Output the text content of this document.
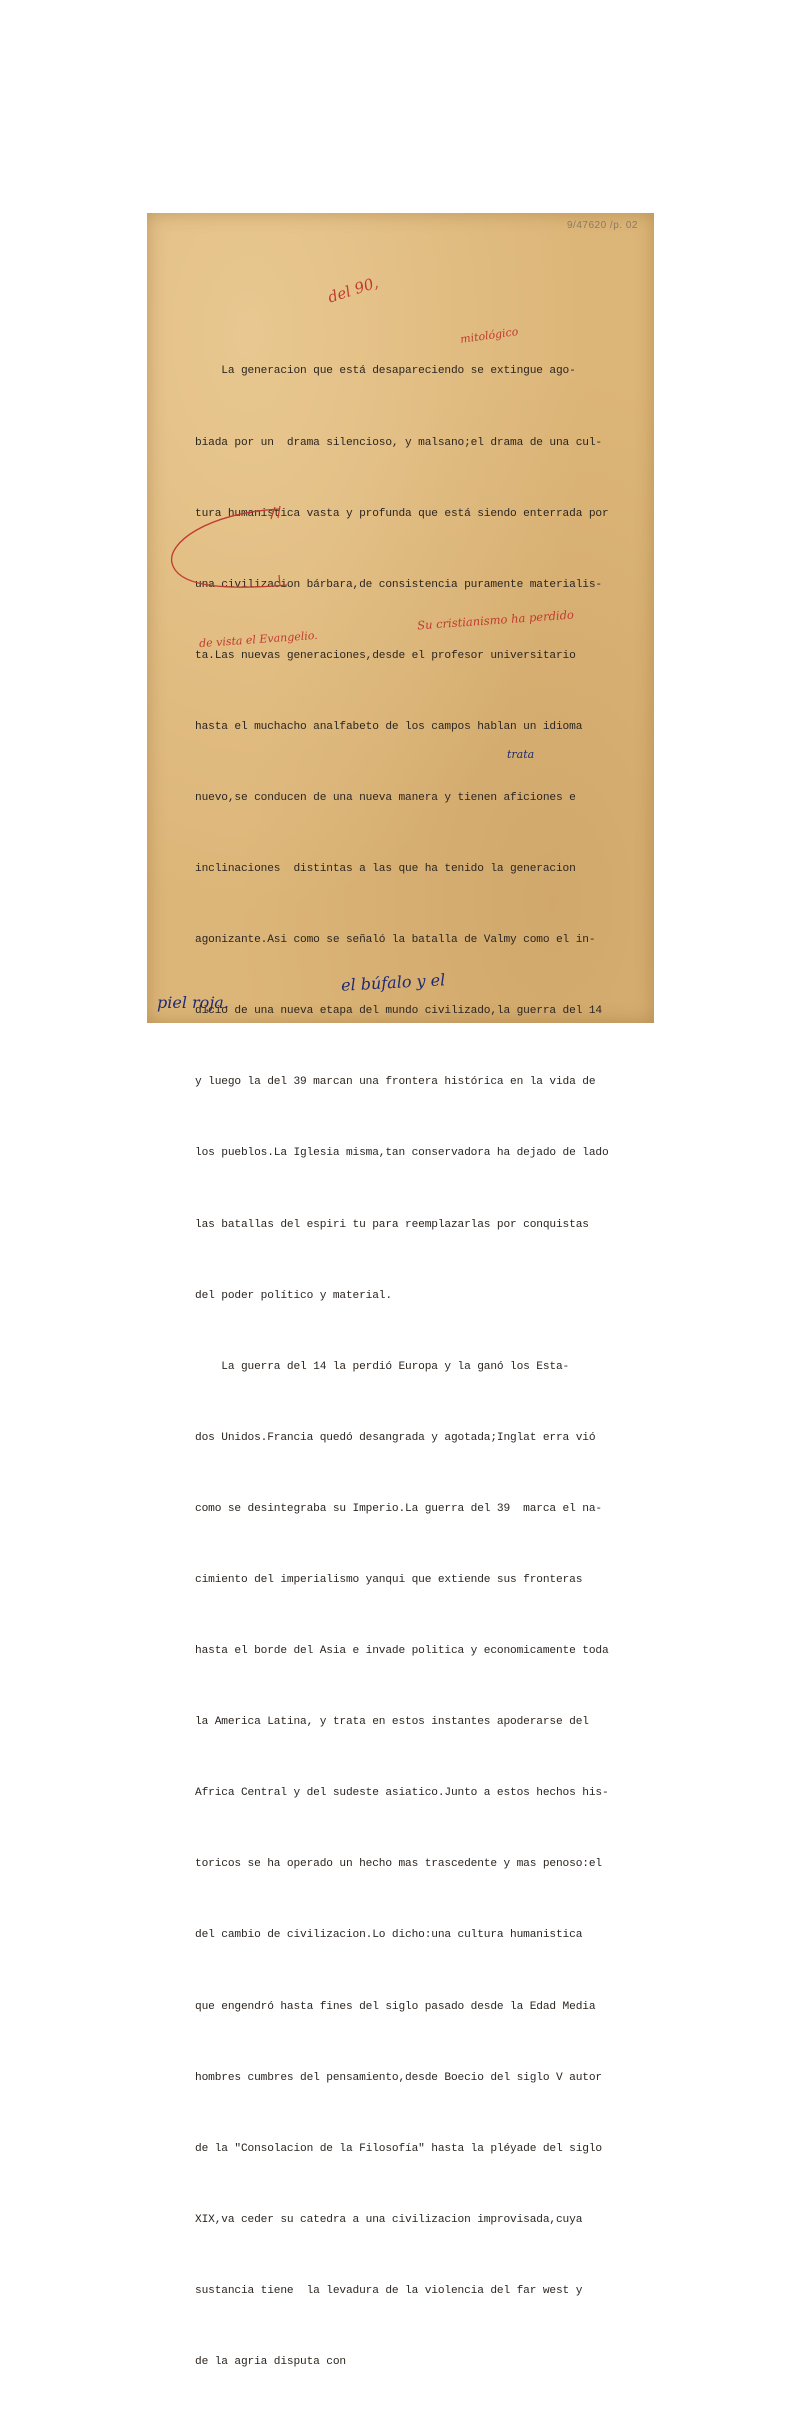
9/47620 /p. 02

La generacion que está desapareciendo se extingue ago-

biada por un  drama silencioso, y malsano;el drama de una cul-

tura humanistica vasta y profunda que está siendo enterrada por

una civilizacion bárbara,de consistencia puramente materialis-

ta.Las nuevas generaciones,desde el profesor universitario

hasta el muchacho analfabeto de los campos hablan un idioma

nuevo,se conducen de una nueva manera y tienen aficiones e

inclinaciones  distintas a las que ha tenido la generacion

agonizante.Asi como se señaló la batalla de Valmy como el in-

dicio de una nueva etapa del mundo civilizado,la guerra del 14

y luego la del 39 marcan una frontera histórica en la vida de

los pueblos.La Iglesia misma,tan conservadora ha dejado de lado

las batallas del espiri tu para reemplazarlas por conquistas

del poder político y material.

La guerra del 14 la perdió Europa y la ganó los Esta-

dos Unidos.Francia quedó desangrada y agotada;Inglat erra vió

como se desintegraba su Imperio.La guerra del 39  marca el na-

cimiento del imperialismo yanqui que extiende sus fronteras

hasta el borde del Asia e invade politica y economicamente toda

la America Latina, y trata en estos instantes apoderarse del

Africa Central y del sudeste asiatico.Junto a estos hechos his-

toricos se ha operado un hecho mas trascedente y mas penoso:el

del cambio de civilizacion.Lo dicho:una cultura humanistica

que engendró hasta fines del siglo pasado desde la Edad Media

hombres cumbres del pensamiento,desde Boecio del siglo V autor

de la "Consolacion de la Filosofía" hasta la pléyade del siglo

XIX,va ceder su catedra a una civilizacion improvisada,cuya

sustancia tiene  la levadura de la violencia del far west y

de la agria disputa con

del 90,
mitológico
Su cristianismo ha perdido
de vista el Evangelio.
trata
el búfalo y el
piel roja.
